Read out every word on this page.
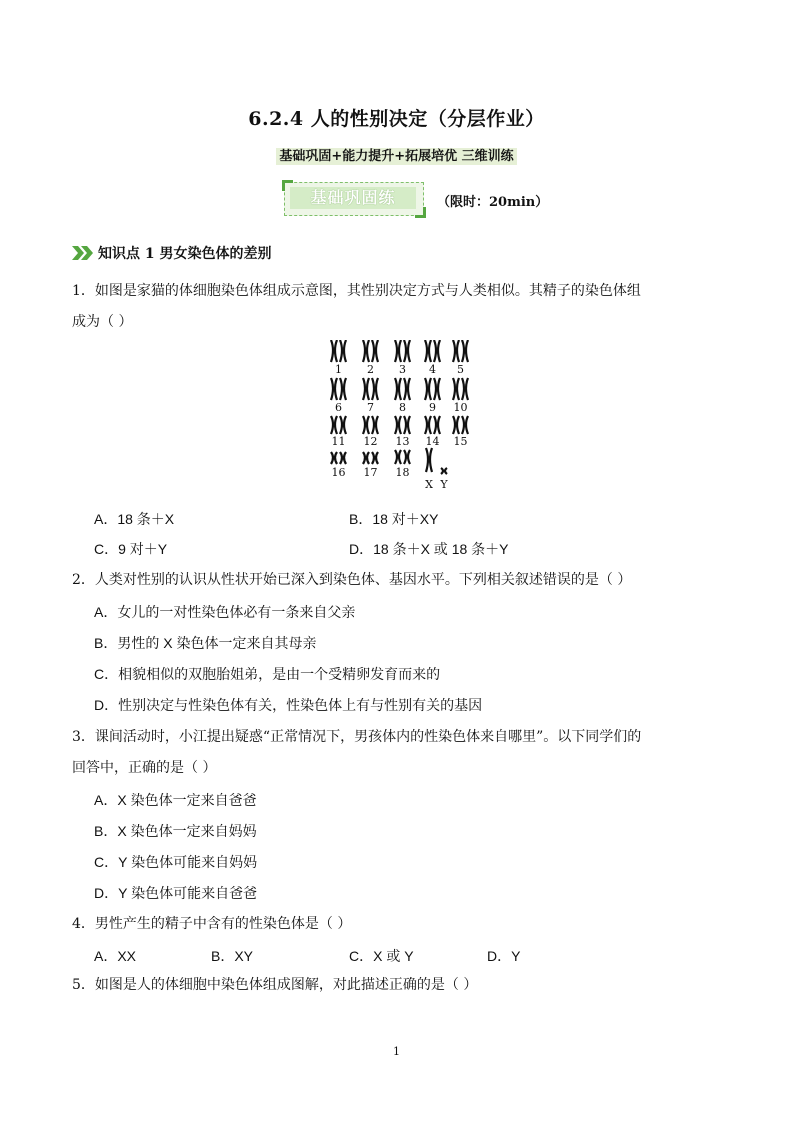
6.2.4 人的性别决定（分层作业）
基础巩固+能力提升+拓展培优 三维训练
基础巩固练	（限时：20min）
知识点 1 男女染色体的差别
1．如图是家猫的体细胞染色体组成示意图，其性别决定方式与人类相似。其精子的染色体组
成为（ ）
1 2 3 4 5
6 7 8 9 10
11 12 13 14 15
16 17 18
X Y
A．18 条＋X	B．18 对＋XY
C．9 对＋Y	D．18 条＋X 或 18 条＋Y
2．人类对性别的认识从性状开始已深入到染色体、基因水平。下列相关叙述错误的是（ ）
A．女儿的一对性染色体必有一条来自父亲
B．男性的 X 染色体一定来自其母亲
C．相貌相似的双胞胎姐弟，是由一个受精卵发育而来的
D．性别决定与性染色体有关，性染色体上有与性别有关的基因
3．课间活动时，小江提出疑惑“正常情况下，男孩体内的性染色体来自哪里”。以下同学们的
回答中，正确的是（ ）
A．X 染色体一定来自爸爸
B．X 染色体一定来自妈妈
C．Y 染色体可能来自妈妈
D．Y 染色体可能来自爸爸
4．男性产生的精子中含有的性染色体是（ ）
A．XX	B．XY	C．X 或 Y	D．Y
5．如图是人的体细胞中染色体组成图解，对此描述正确的是（ ）
1
